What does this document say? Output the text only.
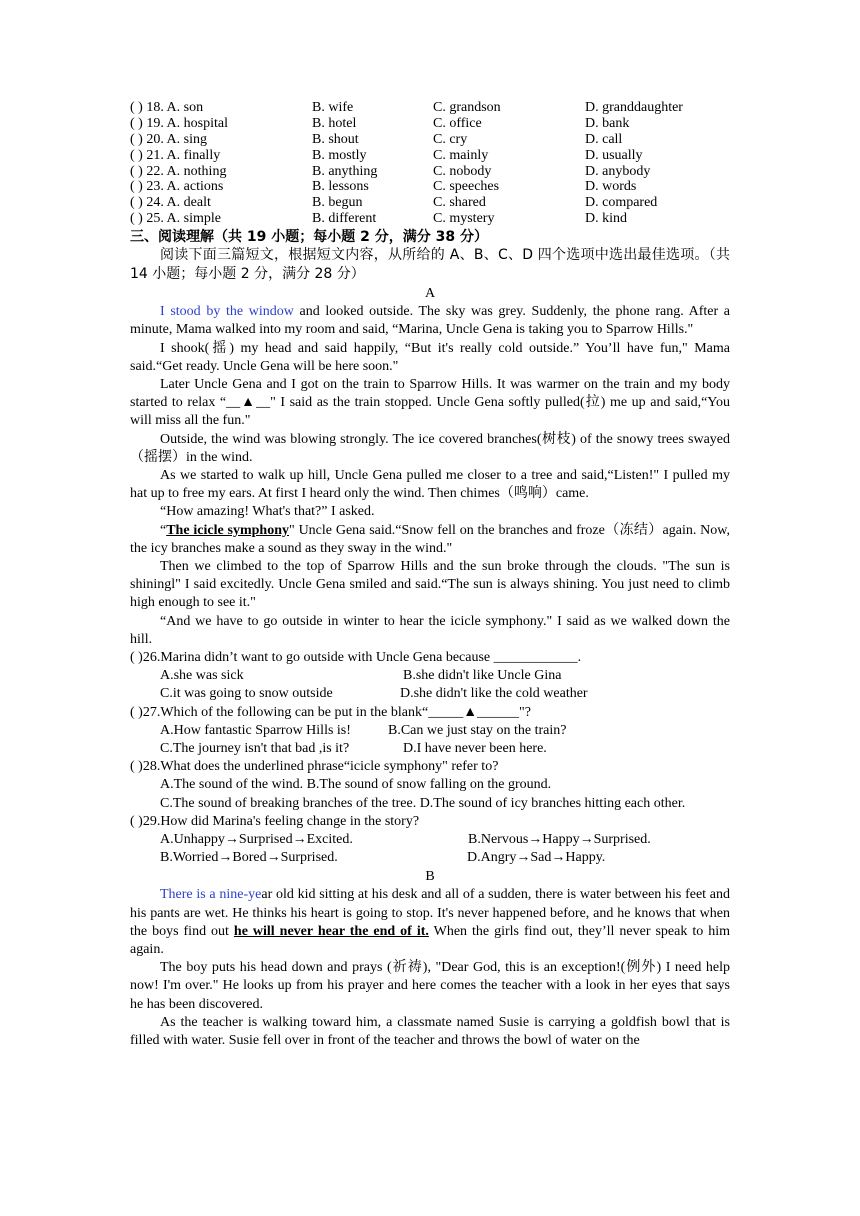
( ) 18. A. son	B. wife	C. grandson	D. granddaughter
( ) 19. A. hospital	B. hotel	C. office	D. bank
( ) 20. A. sing	B. shout	C. cry	D. call
( ) 21. A. finally	B. mostly	C. mainly	D. usually
( ) 22. A. nothing	B. anything	C. nobody	D. anybody
( ) 23. A. actions	B. lessons	C. speeches	D. words
( ) 24. A. dealt	B. begun	C. shared	D. compared
( ) 25. A. simple	B. different	C. mystery	D. kind
三、阅读理解（共 19 小题；每小题 2 分，满分 38 分）
阅读下面三篇短文，根据短文内容，从所给的 A、B、C、D 四个选项中选出最佳选项。（共 14 小题；每小题 2 分，满分 28 分）
A

I stood by the window and looked outside. The sky was grey. Suddenly, the phone rang. After a minute, Mama walked into my room and said, “Marina, Uncle Gena is taking you to Sparrow Hills."

I shook(摇) my head and said happily, “But it's really cold outside.” You’ll have fun," Mama said.“Get ready. Uncle Gena will be here soon."

Later Uncle Gena and I got on the train to Sparrow Hills. It was warmer on the train and my body started to relax “__▲__" I said as the train stopped. Uncle Gena softly pulled(拉) me up and said,“You will miss all the fun."

Outside, the wind was blowing strongly. The ice covered branches(树枝) of the snowy trees swayed（摇摆）in the wind.

As we started to walk up hill, Uncle Gena pulled me closer to a tree and said,“Listen!" I pulled my hat up to free my ears. At first I heard only the wind. Then chimes（鸣响）came.

“How amazing! What's that?” I asked.

“The icicle symphony" Uncle Gena said.“Snow fell on the branches and froze（冻结）again. Now, the icy branches make a sound as they sway in the wind."

Then we climbed to the top of Sparrow Hills and the sun broke through the clouds. "The sun is shiningl" I said excitedly. Uncle Gena smiled and said.“The sun is always shining. You just need to climb high enough to see it."

“And we have to go outside in winter to hear the icicle symphony." I said as we walked down the hill.

( )26.Marina didn’t want to go outside with Uncle Gena because ____________.

A.she was sick	B.she didn't like Uncle Gina
C.it was going to snow outside	D.she didn't like the cold weather

( )27.Which of the following can be put in the blank“_____▲______"?

A.How fantastic Sparrow Hills is!	B.Can we just stay on the train?
C.The journey isn't that bad ,is it?	D.I have never been here.

( )28.What does the underlined phrase“icicle symphony" refer to?

A.The sound of the wind. B.The sound of snow falling on the ground.

C.The sound of breaking branches of the tree. D.The sound of icy branches hitting each other.

( )29.How did Marina's feeling change in the story?

A.Unhappy→Surprised→Excited.	B.Nervous→Happy→Surprised.
B.Worried→Bored→Surprised.	D.Angry→Sad→Happy.
B

There is a nine-year old kid sitting at his desk and all of a sudden, there is water between his feet and his pants are wet. He thinks his heart is going to stop. It's never happened before, and he knows that when the boys find out he will never hear the end of it. When the girls find out, they’ll never speak to him again.

The boy puts his head down and prays (祈祷), "Dear God, this is an exception!(例外) I need help now! I'm over." He looks up from his prayer and here comes the teacher with a look in her eyes that says he has been discovered.

As the teacher is walking toward him, a classmate named Susie is carrying a goldfish bowl that is filled with water. Susie fell over in front of the teacher and throws the bowl of water on the
